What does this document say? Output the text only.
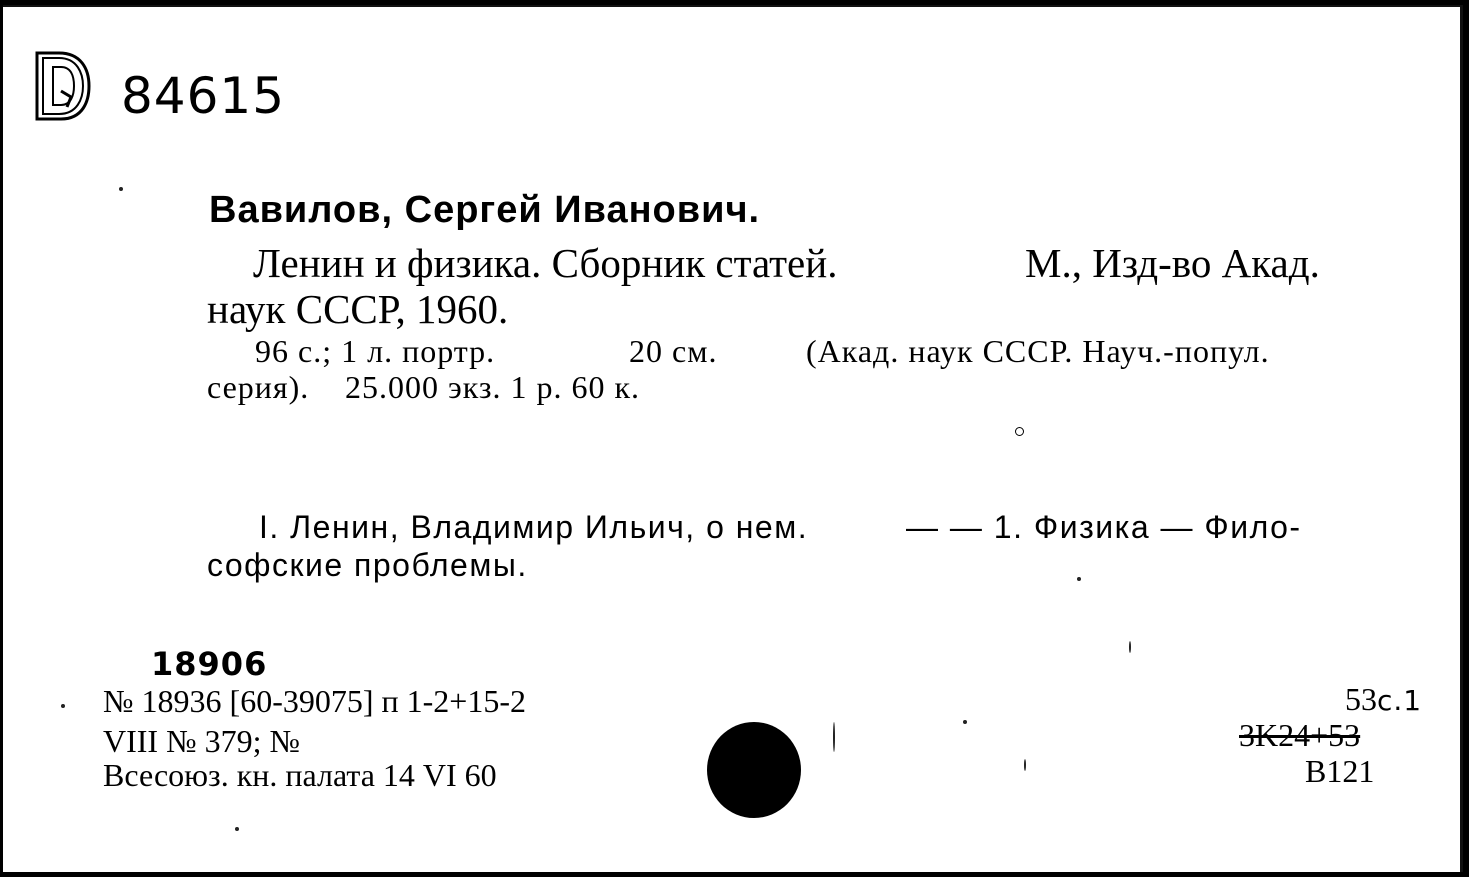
84615
Вавилов, Сергей Иванович.
Ленин и физика. Сборник статей.	М., Изд-во Акад.
наук СССР, 1960.
96 с.; 1 л. портр.	20 см.	(Акад. наук СССР. Науч.-попул.
серия). 25.000 экз. 1 р. 60 к.
I. Ленин, Владимир Ильич, о нем.	— — 1. Физика — Фило-
софские проблемы.
18906
№ 18936 [60-39075] п 1-2+15-2
VIII № 379; №
Всесоюз. кн. палата 14 VI 60
53с.1
3K24+53
B121
